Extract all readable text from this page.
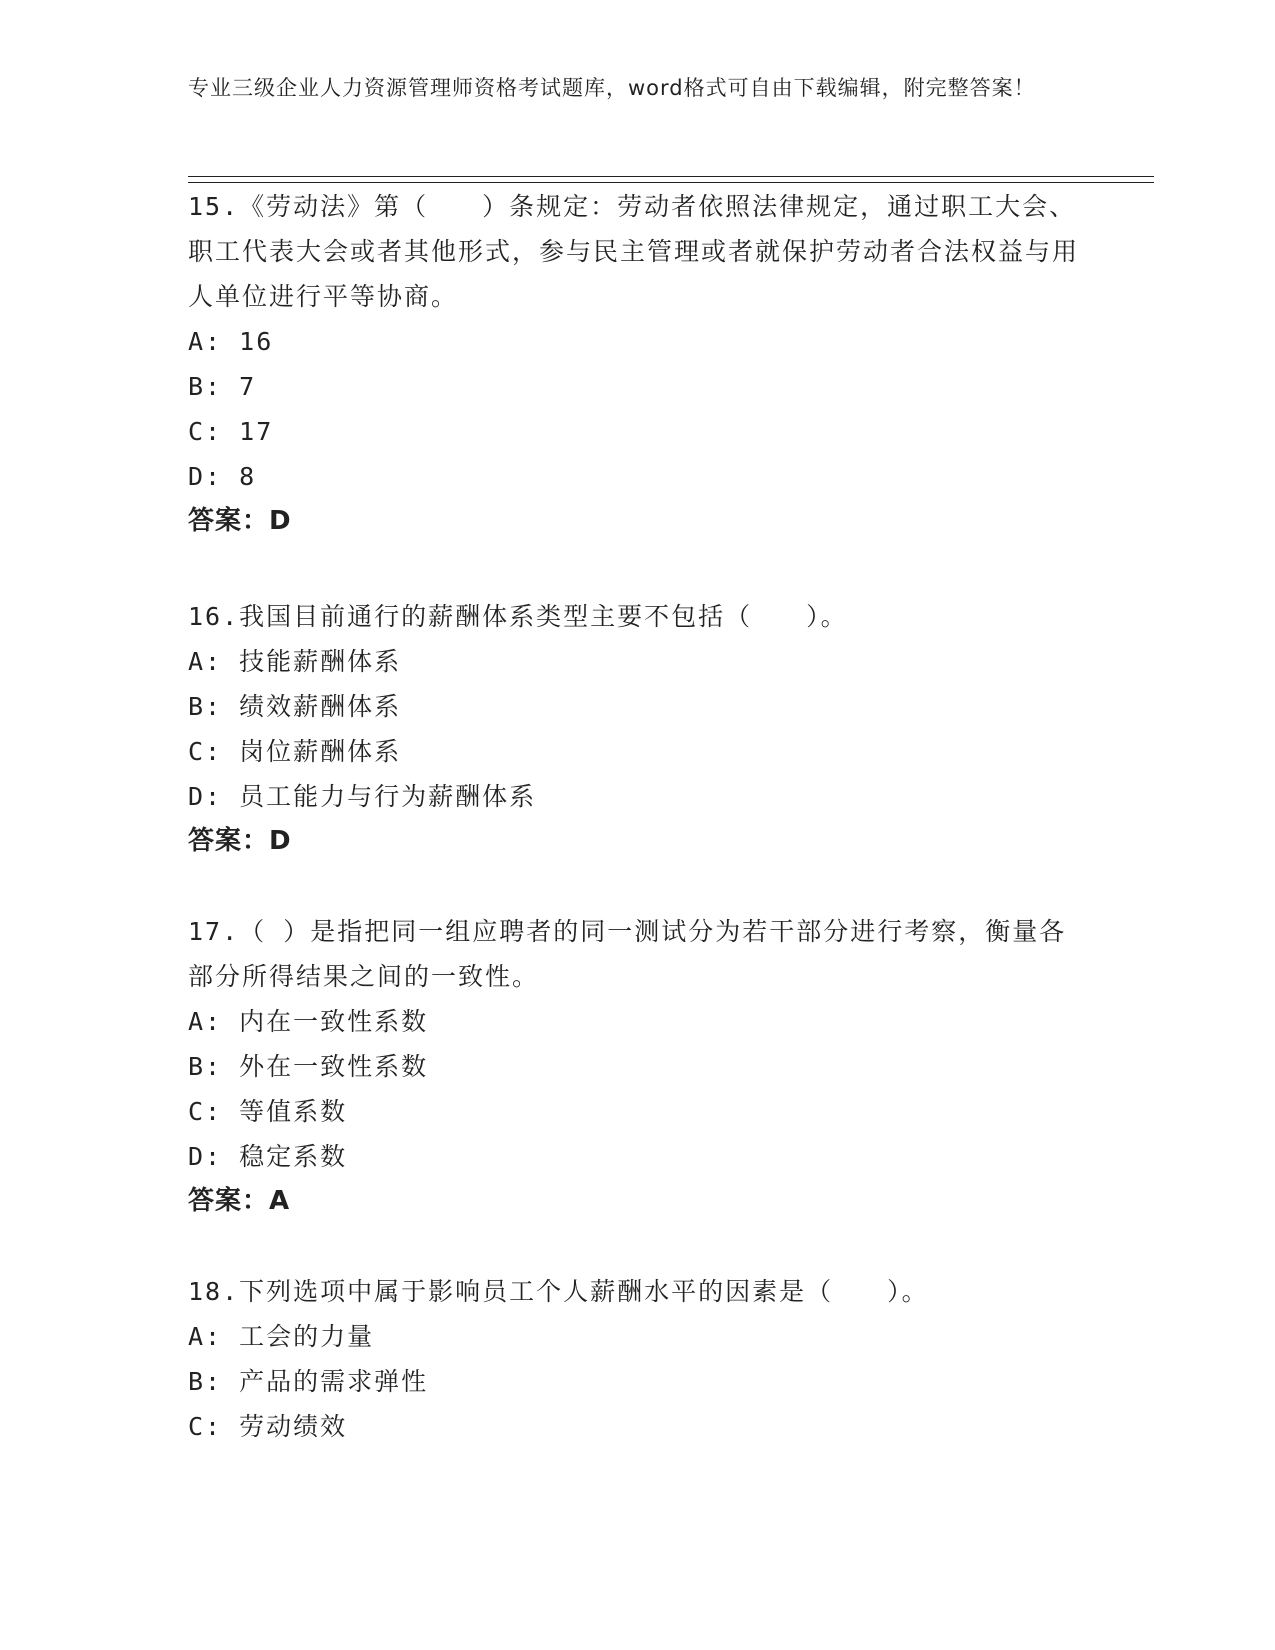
专业三级企业人力资源管理师资格考试题库，word格式可自由下载编辑，附完整答案！
15.《劳动法》第（　　）条规定：劳动者依照法律规定，通过职工大会、职工代表大会或者其他形式，参与民主管理或者就保护劳动者合法权益与用人单位进行平等协商。
A: 16
B: 7
C: 17
D: 8
答案：D
16.我国目前通行的薪酬体系类型主要不包括（　　）。
A: 技能薪酬体系
B: 绩效薪酬体系
C: 岗位薪酬体系
D: 员工能力与行为薪酬体系
答案：D
17.（ ）是指把同一组应聘者的同一测试分为若干部分进行考察，衡量各部分所得结果之间的一致性。
A: 内在一致性系数
B: 外在一致性系数
C: 等值系数
D: 稳定系数
答案：A
18.下列选项中属于影响员工个人薪酬水平的因素是（　　）。
A: 工会的力量
B: 产品的需求弹性
C: 劳动绩效
